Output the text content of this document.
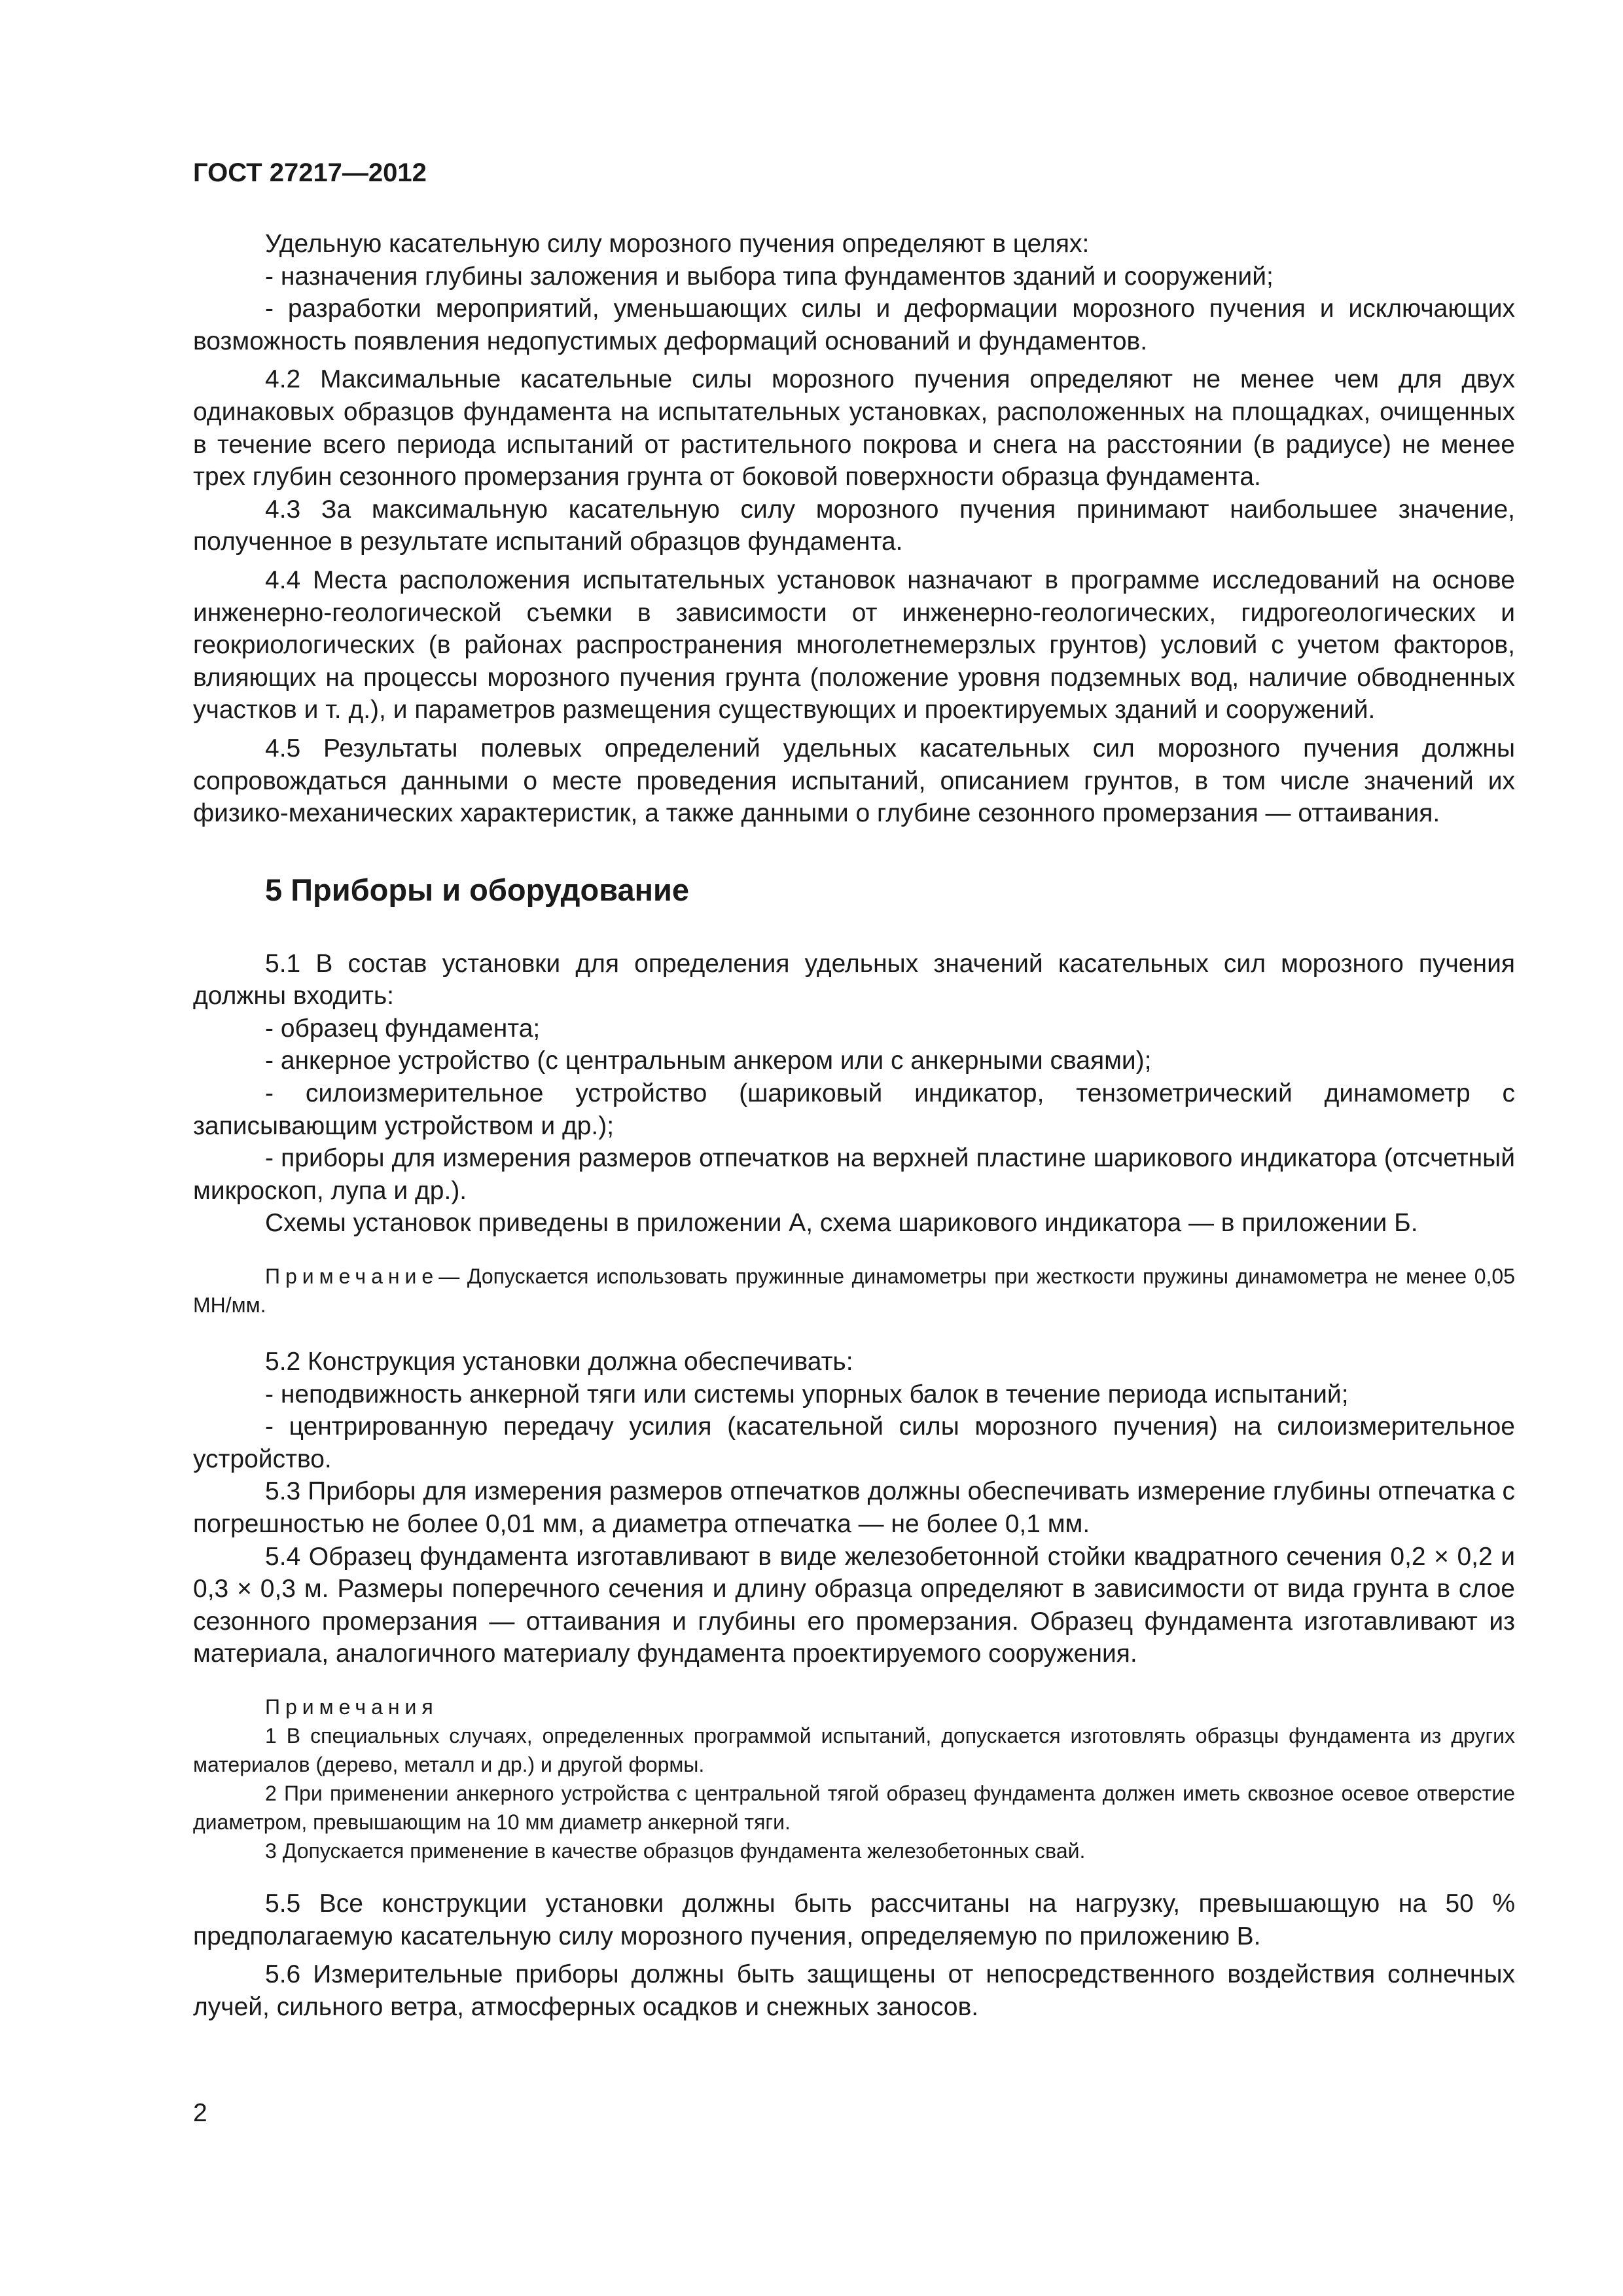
ГОСТ 27217—2012

Удельную касательную силу морозного пучения определяют в целях:

- назначения глубины заложения и выбора типа фундаментов зданий и сооружений;

- разработки мероприятий, уменьшающих силы и деформации морозного пучения и исключающих возможность появления недопустимых деформаций оснований и фундаментов.

4.2 Максимальные касательные силы морозного пучения определяют не менее чем для двух одинаковых образцов фундамента на испытательных установках, расположенных на площадках, очищенных в течение всего периода испытаний от растительного покрова и снега на расстоянии (в радиусе) не менее трех глубин сезонного промерзания грунта от боковой поверхности образца фундамента.

4.3 За максимальную касательную силу морозного пучения принимают наибольшее значение, полученное в результате испытаний образцов фундамента.

4.4 Места расположения испытательных установок назначают в программе исследований на основе инженерно-геологической съемки в зависимости от инженерно-геологических, гидрогеологических и геокриологических (в районах распространения многолетнемерзлых грунтов) условий с учетом факторов, влияющих на процессы морозного пучения грунта (положение уровня подземных вод, наличие обводненных участков и т. д.), и параметров размещения существующих и проектируемых зданий и сооружений.

4.5 Результаты полевых определений удельных касательных сил морозного пучения должны сопровождаться данными о месте проведения испытаний, описанием грунтов, в том числе значений их физико-механических характеристик, а также данными о глубине сезонного промерзания — оттаивания.

5 Приборы и оборудование

5.1 В состав установки для определения удельных значений касательных сил морозного пучения должны входить:

- образец фундамента;

- анкерное устройство (с центральным анкером или с анкерными сваями);

- силоизмерительное устройство (шариковый индикатор, тензометрический динамометр с записывающим устройством и др.);

- приборы для измерения размеров отпечатков на верхней пластине шарикового индикатора (отсчетный микроскоп, лупа и др.).

Схемы установок приведены в приложении А, схема шарикового индикатора — в приложении Б.

Примечание— Допускается использовать пружинные динамометры при жесткости пружины динамометра не менее 0,05 МН/мм.

5.2 Конструкция установки должна обеспечивать:

- неподвижность анкерной тяги или системы упорных балок в течение периода испытаний;

- центрированную передачу усилия (касательной силы морозного пучения) на силоизмерительное устройство.

5.3 Приборы для измерения размеров отпечатков должны обеспечивать измерение глубины отпечатка с погрешностью не более 0,01 мм, а диаметра отпечатка — не более 0,1 мм.

5.4 Образец фундамента изготавливают в виде железобетонной стойки квадратного сечения 0,2 × 0,2 и 0,3 × 0,3 м. Размеры поперечного сечения и длину образца определяют в зависимости от вида грунта в слое сезонного промерзания — оттаивания и глубины его промерзания. Образец фундамента изготавливают из материала, аналогичного материалу фундамента проектируемого сооружения.

Примечания

1 В специальных случаях, определенных программой испытаний, допускается изготовлять образцы фундамента из других материалов (дерево, металл и др.) и другой формы.

2 При применении анкерного устройства с центральной тягой образец фундамента должен иметь сквозное осевое отверстие диаметром, превышающим на 10 мм диаметр анкерной тяги.

3 Допускается применение в качестве образцов фундамента железобетонных свай.

5.5 Все конструкции установки должны быть рассчитаны на нагрузку, превышающую на 50 % предполагаемую касательную силу морозного пучения, определяемую по приложению В.

5.6 Измерительные приборы должны быть защищены от непосредственного воздействия солнечных лучей, сильного ветра, атмосферных осадков и снежных заносов.

2
